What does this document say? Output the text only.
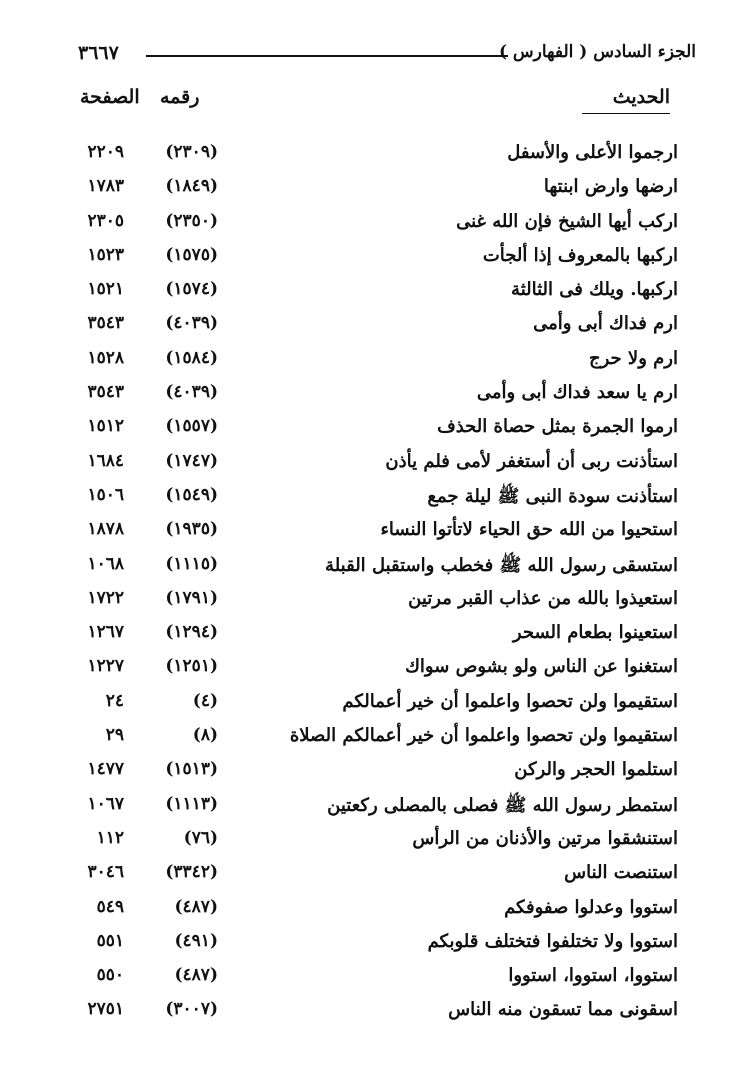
٣٦٦٧	الجزء السادس ( الفهارس )
الصفحة رقمه	الحديث
ارجموا الأعلى والأسفل
(٢٣٠٩)
٢٢٠٩
ارضها وارض ابنتها
(١٨٤٩)
١٧٨٣
اركب أيها الشيخ فإن الله غنى
(٢٣٥٠)
٢٣٠٥
اركبها بالمعروف إذا ألجأت
(١٥٧٥)
١٥٢٣
اركبها. ويلك فى الثالثة
(١٥٧٤)
١٥٢١
ارم فداك أبى وأمى
(٤٠٣٩)
٣٥٤٣
ارم ولا حرج
(١٥٨٤)
١٥٢٨
ارم يا سعد فداك أبى وأمى
(٤٠٣٩)
٣٥٤٣
ارموا الجمرة بمثل حصاة الحذف
(١٥٥٧)
١٥١٢
استأذنت ربى أن أستغفر لأمى فلم يأذن
(١٧٤٧)
١٦٨٤
استأذنت سودة النبى ﷺ ليلة جمع
(١٥٤٩)
١٥٠٦
استحيوا من الله حق الحياء لاتأتوا النساء
(١٩٣٥)
١٨٧٨
استسقى رسول الله ﷺ فخطب واستقبل القبلة
(١١١٥)
١٠٦٨
استعيذوا بالله من عذاب القبر مرتين
(١٧٩١)
١٧٢٢
استعينوا بطعام السحر
(١٢٩٤)
١٢٦٧
استغنوا عن الناس ولو بشوص سواك
(١٢٥١)
١٢٢٧
استقيموا ولن تحصوا واعلموا أن خير أعمالكم
(٤)
٢٤
استقيموا ولن تحصوا واعلموا أن خير أعمالكم الصلاة
(٨)
٢٩
استلموا الحجر والركن
(١٥١٣)
١٤٧٧
استمطر رسول الله ﷺ فصلى بالمصلى ركعتين
(١١١٣)
١٠٦٧
استنشقوا مرتين والأذنان من الرأس
(٧٦)
١١٢
استنصت الناس
(٣٣٤٢)
٣٠٤٦
استووا وعدلوا صفوفكم
(٤٨٧)
٥٤٩
استووا ولا تختلفوا فتختلف قلوبكم
(٤٩١)
٥٥١
استووا، استووا، استووا
(٤٨٧)
٥٥٠
اسقونى مما تسقون منه الناس
(٣٠٠٧)
٢٧٥١
